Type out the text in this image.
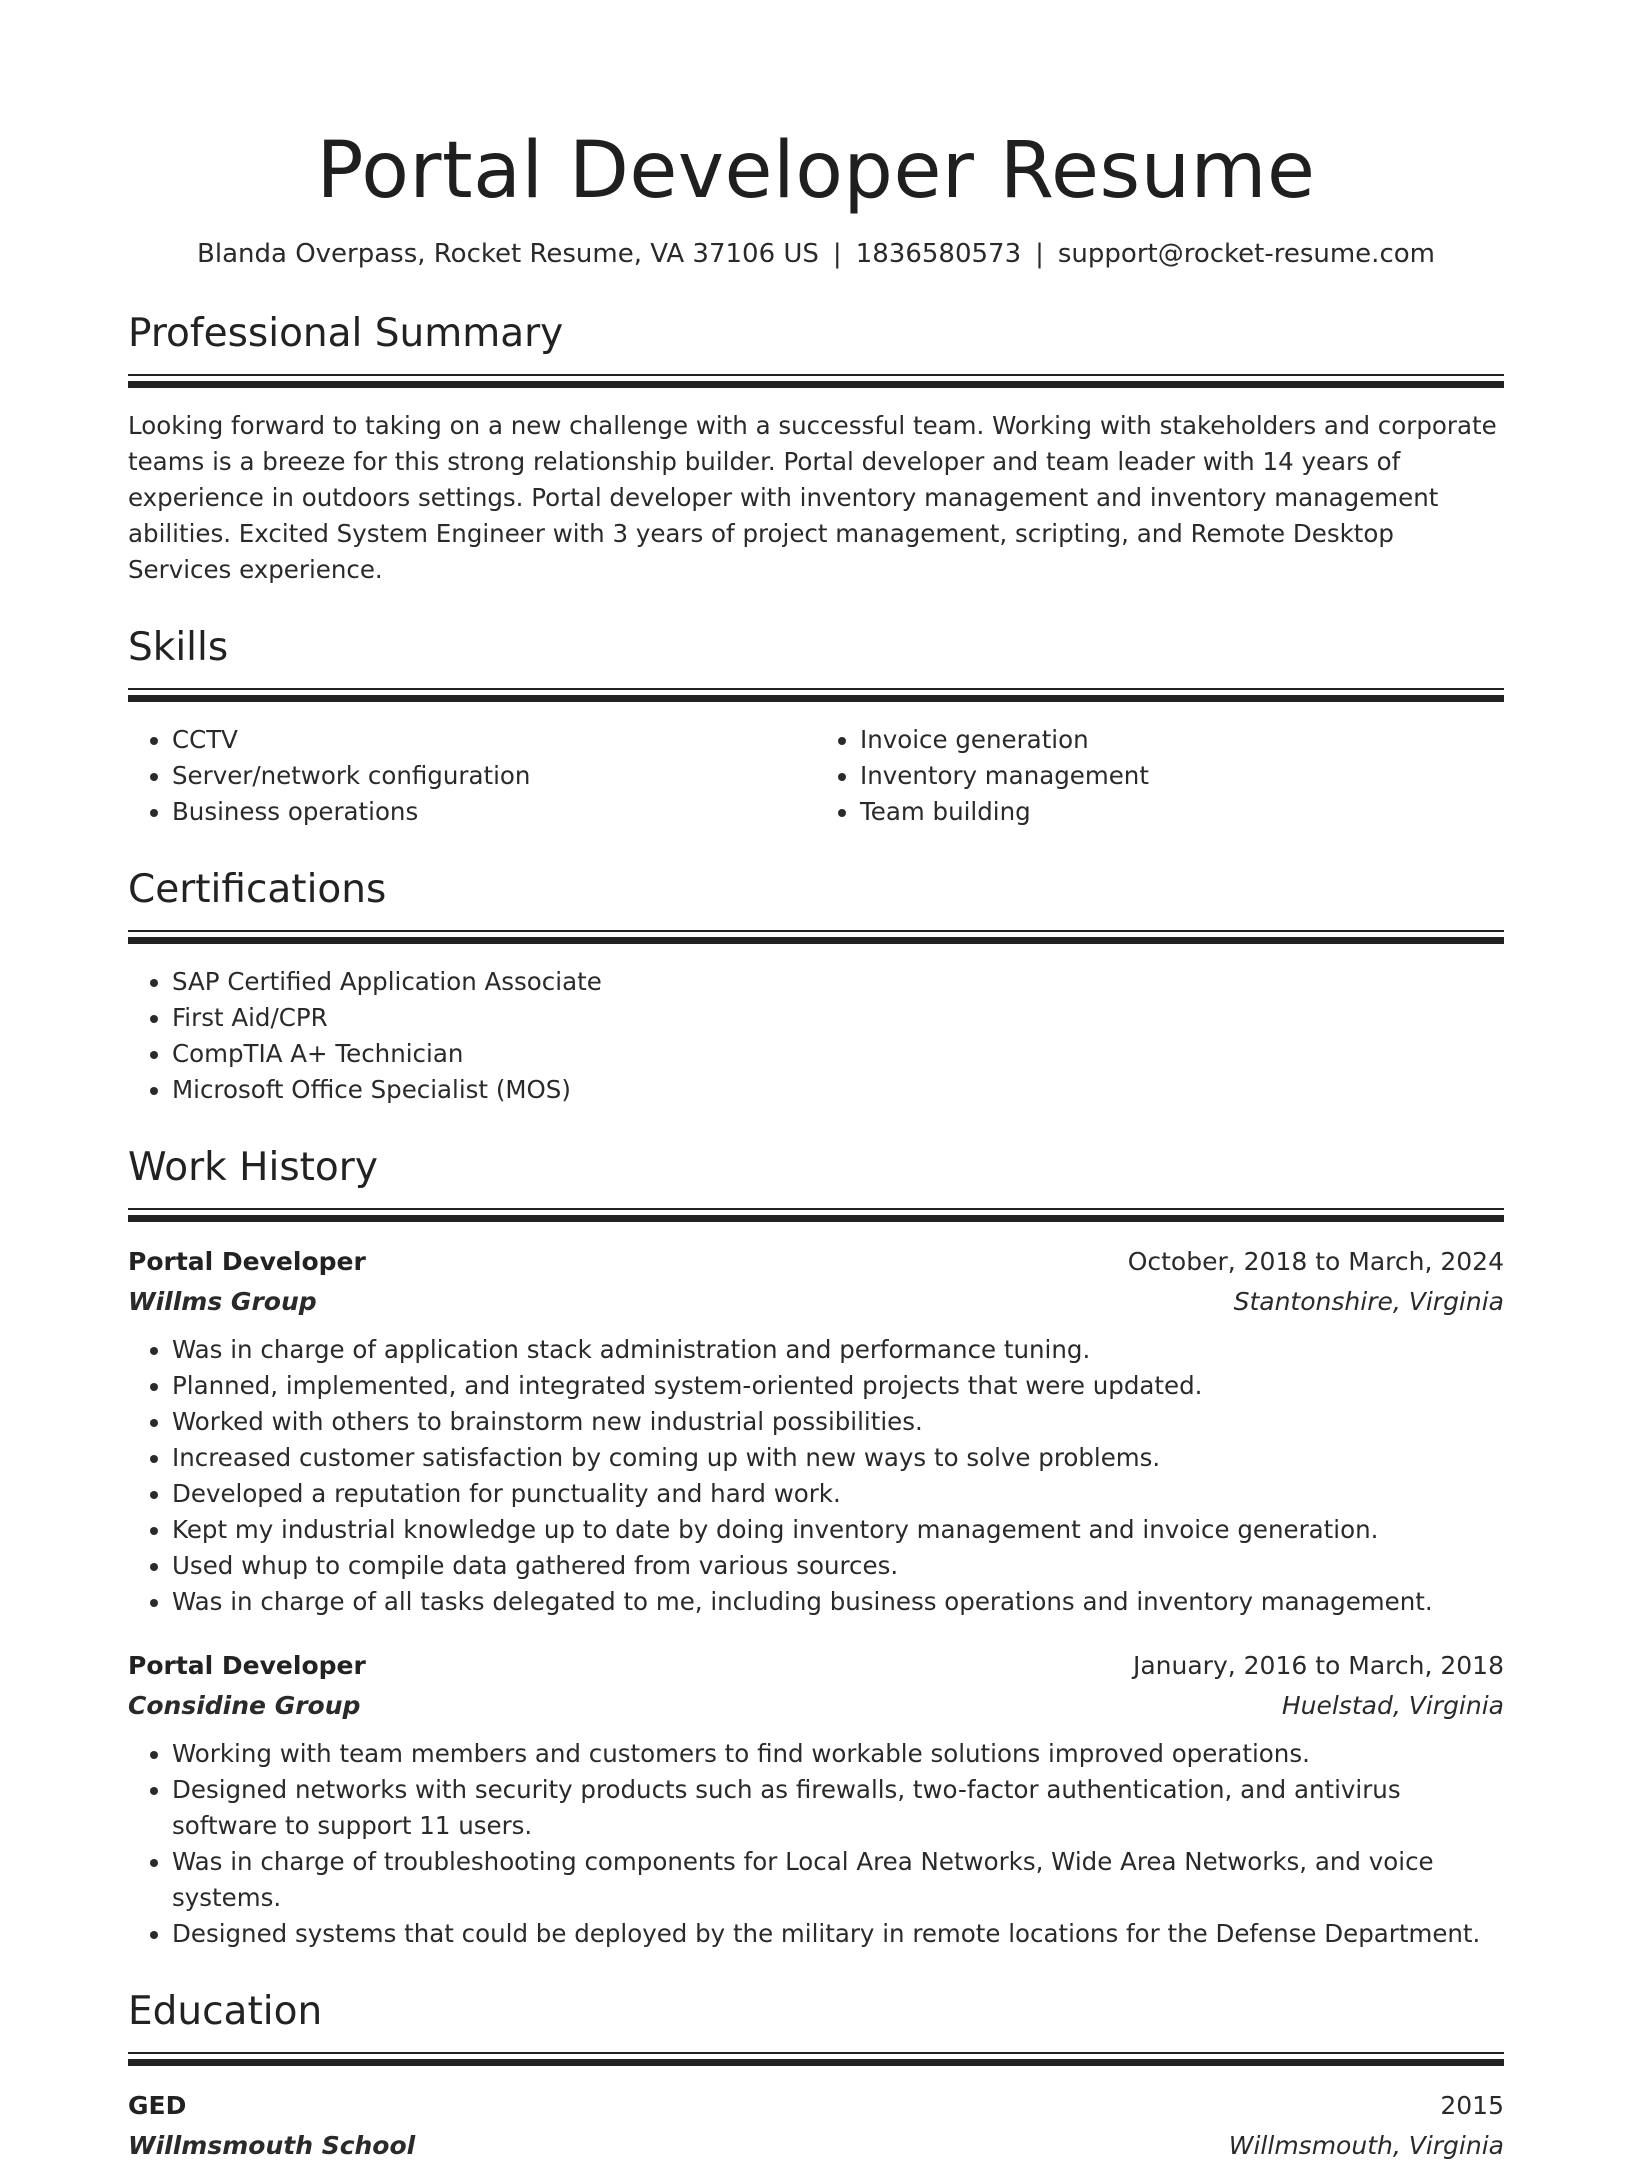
Portal Developer Resume
Blanda Overpass, Rocket Resume, VA 37106 US | 1836580573 | support@rocket-resume.com
Professional Summary

Looking forward to taking on a new challenge with a successful team. Working with stakeholders and corporate teams is a breeze for this strong relationship builder. Portal developer and team leader with 14 years of experience in outdoors settings. Portal developer with inventory management and inventory management abilities. Excited System Engineer with 3 years of project management, scripting, and Remote Desktop Services experience.

Skills
• CCTV
• Server/network configuration
• Business operations
• Invoice generation
• Inventory management
• Team building
Certifications
• SAP Certified Application Associate
• First Aid/CPR
• CompTIA A+ Technician
• Microsoft Office Specialist (MOS)
Work History
Portal Developer	October, 2018 to March, 2024
Willms Group	Stantonshire, Virginia
• Was in charge of application stack administration and performance tuning.
• Planned, implemented, and integrated system-oriented projects that were updated.
• Worked with others to brainstorm new industrial possibilities.
• Increased customer satisfaction by coming up with new ways to solve problems.
• Developed a reputation for punctuality and hard work.
• Kept my industrial knowledge up to date by doing inventory management and invoice generation.
• Used whup to compile data gathered from various sources.
• Was in charge of all tasks delegated to me, including business operations and inventory management.
Portal Developer	January, 2016 to March, 2018
Considine Group	Huelstad, Virginia
• Working with team members and customers to find workable solutions improved operations.
• Designed networks with security products such as firewalls, two-factor authentication, and antivirus software to support 11 users.
• Was in charge of troubleshooting components for Local Area Networks, Wide Area Networks, and voice systems.
• Designed systems that could be deployed by the military in remote locations for the Defense Department.
Education
GED	2015
Willmsmouth School	Willmsmouth, Virginia
